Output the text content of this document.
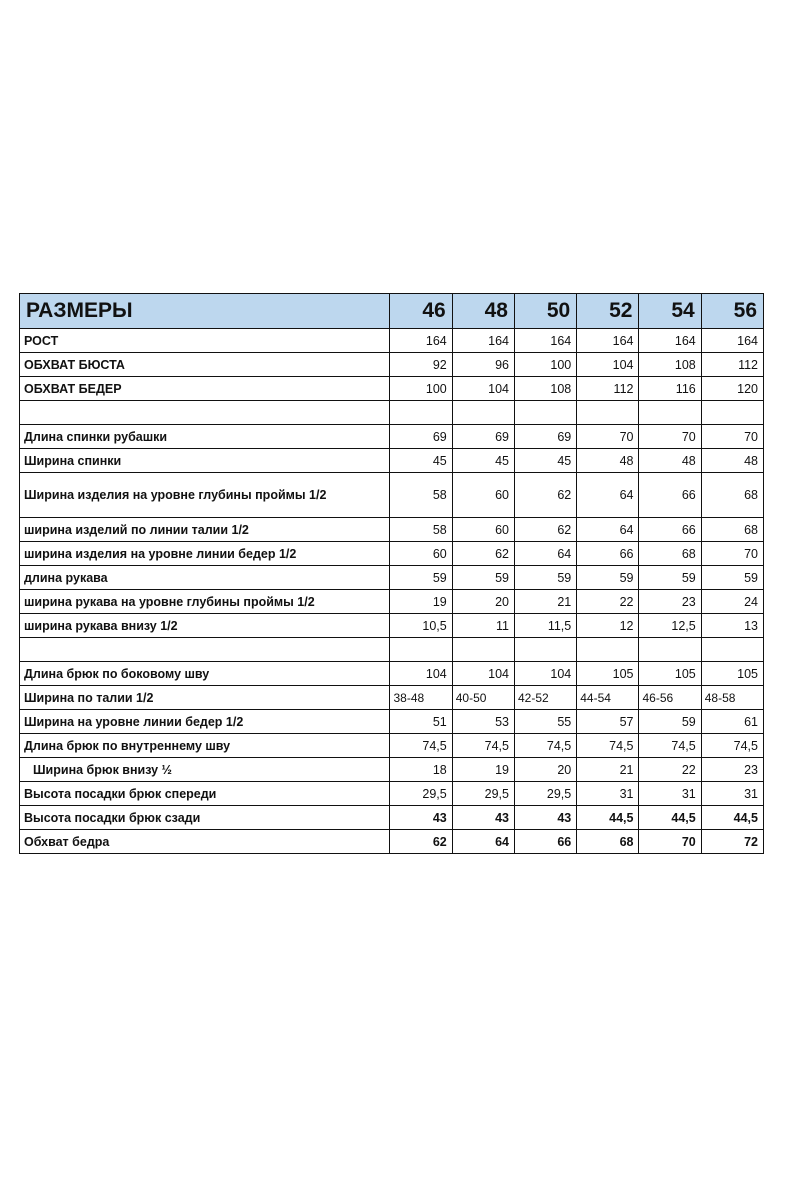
РАЗМЕРЫ	46	48	50	52	54	56
РОСТ	164	164	164	164	164	164
ОБХВАТ БЮСТА	92	96	100	104	108	112
ОБХВАТ БЕДЕР	100	104	108	112	116	120

Длина спинки рубашки	69	69	69	70	70	70
Ширина спинки	45	45	45	48	48	48
Ширина изделия на уровне глубины проймы 1/2	58	60	62	64	66	68
ширина изделий по линии талии 1/2	58	60	62	64	66	68
ширина изделия на уровне линии бедер 1/2	60	62	64	66	68	70
длина рукава	59	59	59	59	59	59
ширина рукава на уровне глубины проймы 1/2	19	20	21	22	23	24
ширина рукава внизу 1/2	10,5	11	11,5	12	12,5	13

Длина брюк по боковому шву	104	104	104	105	105	105
Ширина по талии 1/2	38-48	40-50	42-52	44-54	46-56	48-58
Ширина на уровне линии бедер 1/2	51	53	55	57	59	61
Длина брюк по внутреннему шву	74,5	74,5	74,5	74,5	74,5	74,5
Ширина брюк внизу ½	18	19	20	21	22	23
Высота посадки брюк спереди	29,5	29,5	29,5	31	31	31
Высота посадки брюк сзади	43	43	43	44,5	44,5	44,5
Обхват бедра	62	64	66	68	70	72
